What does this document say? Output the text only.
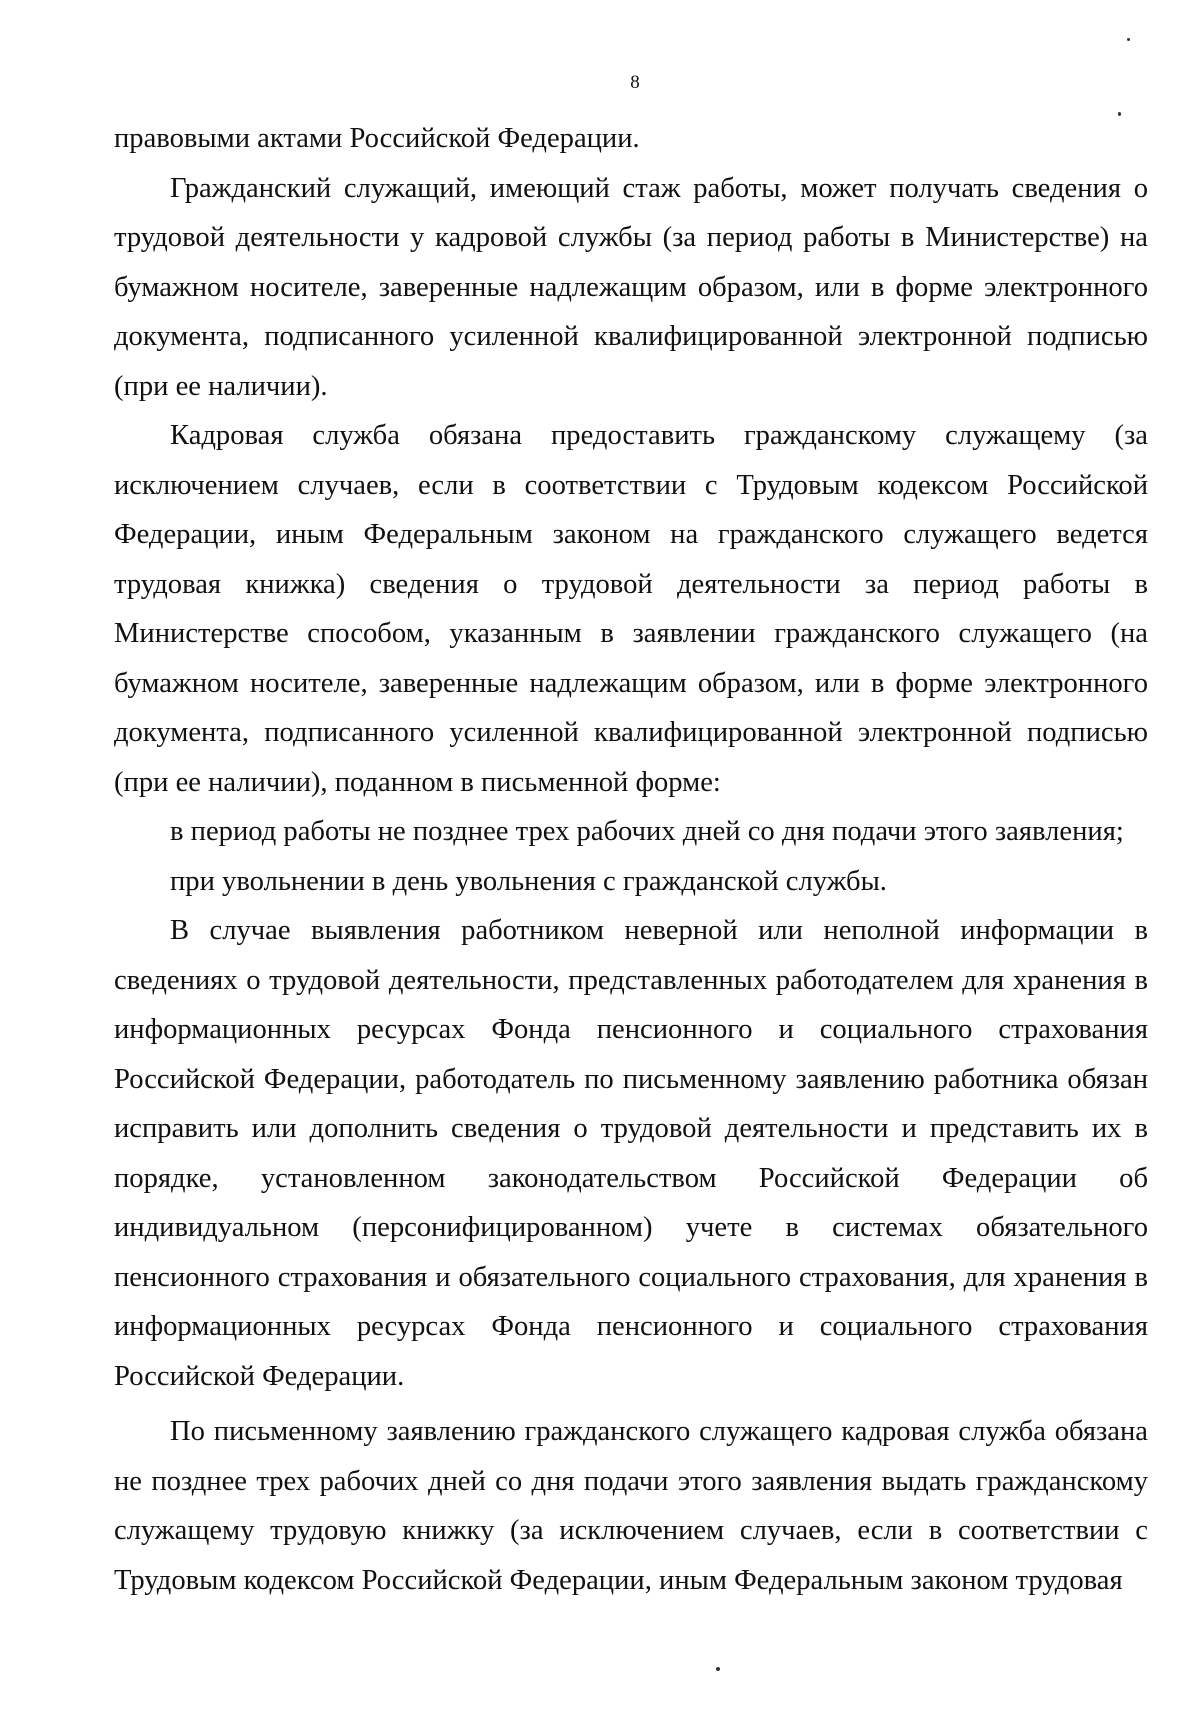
8

правовыми актами Российской Федерации.

Гражданский служащий, имеющий стаж работы, может получать сведения о трудовой деятельности у кадровой службы (за период работы в Министерстве) на бумажном носителе, заверенные надлежащим образом, или в форме электронного документа, подписанного усиленной квалифицированной электронной подписью (при ее наличии).

Кадровая служба обязана предоставить гражданскому служащему (за исключением случаев, если в соответствии с Трудовым кодексом Российской Федерации, иным Федеральным законом на гражданского служащего ведется трудовая книжка) сведения о трудовой деятельности за период работы в Министерстве способом, указанным в заявлении гражданского служащего (на бумажном носителе, заверенные надлежащим образом, или в форме электронного документа, подписанного усиленной квалифицированной электронной подписью (при ее наличии), поданном в письменной форме:

в период работы не позднее трех рабочих дней со дня подачи этого заявления;

при увольнении в день увольнения с гражданской службы.

В случае выявления работником неверной или неполной информации в сведениях о трудовой деятельности, представленных работодателем для хранения в информационных ресурсах Фонда пенсионного и социального страхования Российской Федерации, работодатель по письменному заявлению работника обязан исправить или дополнить сведения о трудовой деятельности и представить их в порядке, установленном законодательством Российской Федерации об индивидуальном (персонифицированном) учете в системах обязательного пенсионного страхования и обязательного социального страхования, для хранения в информационных ресурсах Фонда пенсионного и социального страхования Российской Федерации.

По письменному заявлению гражданского служащего кадровая служба обязана не позднее трех рабочих дней со дня подачи этого заявления выдать гражданскому служащему трудовую книжку (за исключением случаев, если в соответствии с Трудовым кодексом Российской Федерации, иным Федеральным законом трудовая
